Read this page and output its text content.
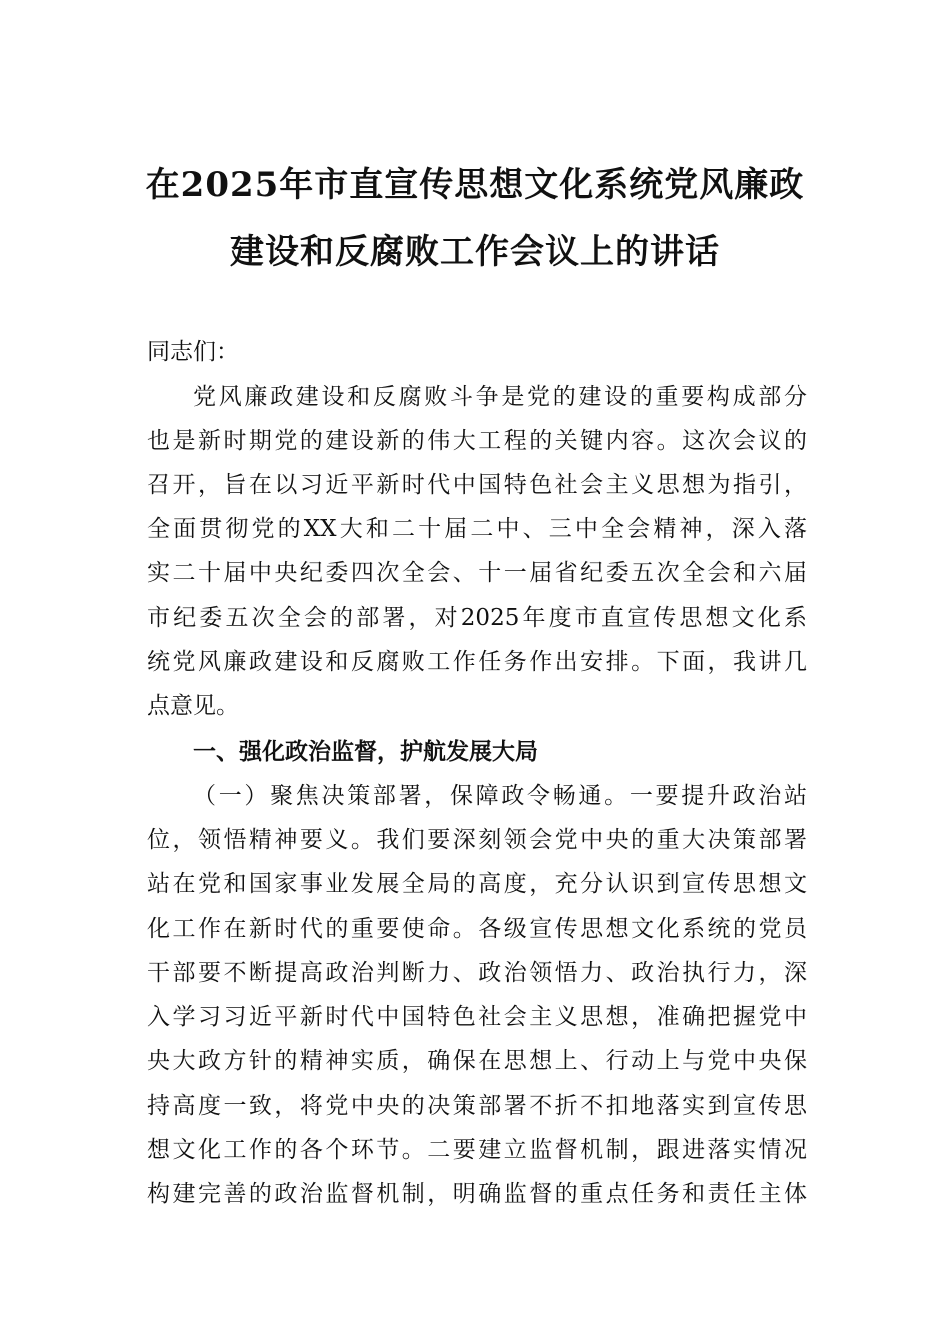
在2025年市直宣传思想文化系统党风廉政
建设和反腐败工作会议上的讲话
同志们：
党风廉政建设和反腐败斗争是党的建设的重要构成部分
也是新时期党的建设新的伟大工程的关键内容。这次会议的
召开，旨在以习近平新时代中国特色社会主义思想为指引，
全面贯彻党的XX大和二十届二中、三中全会精神，深入落
实二十届中央纪委四次全会、十一届省纪委五次全会和六届
市纪委五次全会的部署，对2025年度市直宣传思想文化系
统党风廉政建设和反腐败工作任务作出安排。下面，我讲几
点意见。
一、强化政治监督，护航发展大局
（一）聚焦决策部署，保障政令畅通。一要提升政治站
位，领悟精神要义。我们要深刻领会党中央的重大决策部署
站在党和国家事业发展全局的高度，充分认识到宣传思想文
化工作在新时代的重要使命。各级宣传思想文化系统的党员
干部要不断提高政治判断力、政治领悟力、政治执行力，深
入学习习近平新时代中国特色社会主义思想，准确把握党中
央大政方针的精神实质，确保在思想上、行动上与党中央保
持高度一致，将党中央的决策部署不折不扣地落实到宣传思
想文化工作的各个环节。二要建立监督机制，跟进落实情况
构建完善的政治监督机制，明确监督的重点任务和责任主体
